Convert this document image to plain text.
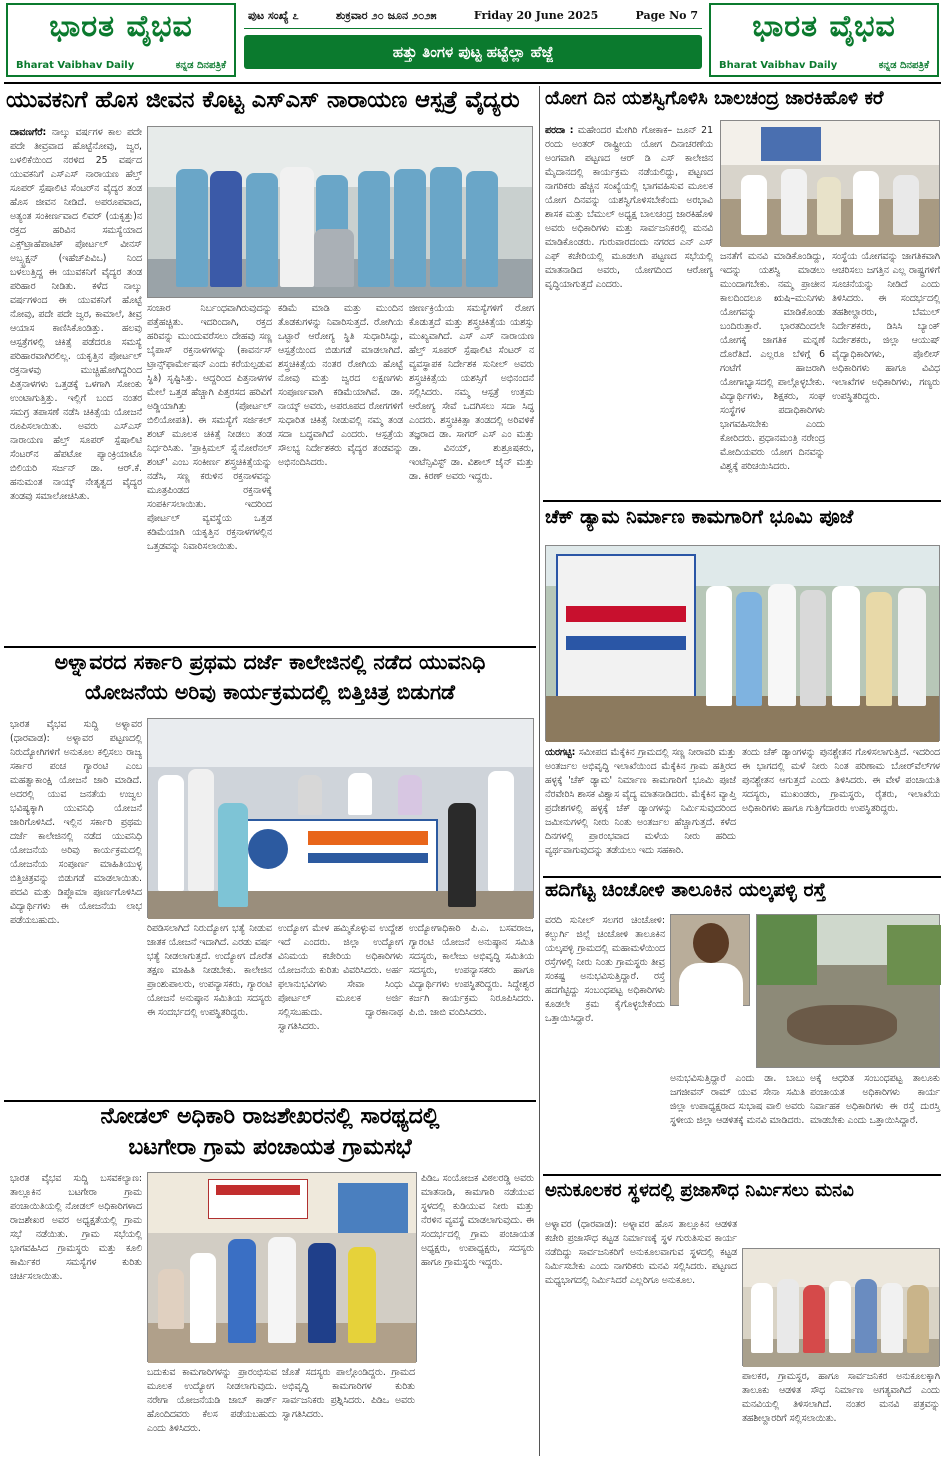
ಭಾರತ ವೈಭವ
Bharat Vaibhav Daily	ಕನ್ನಡ ದಿನಪತ್ರಿಕೆ
ಪುಟ ಸಂಖ್ಯೆ ೭	ಶುಕ್ರವಾರ ೨೦ ಜೂನ ೨೦೨೫	Friday 20 June 2025	Page No 7
ಹತ್ತು ತಿಂಗಳ ಪುಟ್ಟ ಹಟ್ಟೆಲ್ಲಾ ಹೆಜ್ಜೆ
ಭಾರತ ವೈಭವ
Bharat Vaibhav Daily	ಕನ್ನಡ ದಿನಪತ್ರಿಕೆ
ಯುವಕನಿಗೆ ಹೊಸ ಜೀವನ ಕೊಟ್ಟ ಎಸ್‌ಎಸ್ ನಾರಾಯಣ ಆಸ್ಪತ್ರೆ ವೈದ್ಯರು
ದಾವಣಗೆರೆ: ನಾಲ್ಕು ವರ್ಷಗಳ ಕಾಲ ಪದೇ ಪದೇ ತೀವ್ರವಾದ ಹೊಟ್ಟೆನೋವು, ಜ್ವರ, ಬಳಲಿಕೆಯಿಂದ ನರಳಿದ 25 ವರ್ಷದ ಯುವಕನಿಗೆ ಎಸ್‌ಎಸ್ ನಾರಾಯಣ ಹೆಲ್ತ್ ಸೂಪರ್ ಸ್ಪೆಷಾಲಿಟಿ ಸೆಂಟರ್‌ನ ವೈದ್ಯರ ತಂಡ ಹೊಸ ಜೀವನ ನೀಡಿದೆ. ಅಪರೂಪವಾದ, ಅತ್ಯಂತ ಸಂಕೀರ್ಣವಾದ ಲಿವರ್ (ಯಕೃತ್ತು)ನ ರಕ್ತದ ಹರಿವಿನ ಸಮಸ್ಯೆಯಾದ ಎಕ್ಸ್‌ಟ್ರಾಹೆಪಾಟಿಕ್ ಪೋರ್ಟಲ್ ವೀನಸ್ ಅಬ್ಸ್ಟ್ರಕ್ಷನ್ (ಇಹೆಚ್‌ಪಿವಿಒ) ನಿಂದ ಬಳಲುತ್ತಿದ್ದ ಈ ಯುವಕನಿಗೆ ವೈದ್ಯರ ತಂಡ ಪರಿಹಾರ ನೀಡಿತು. ಕಳೆದ ನಾಲ್ಕು ವರ್ಷಗಳಿಂದ ಈ ಯುವಕನಿಗೆ ಹೊಟ್ಟೆ ನೋವು, ಪದೇ ಪದೇ ಜ್ವರ, ಕಾಮಾಲೆ, ತೀವ್ರ ಆಯಾಸ ಕಾಣಿಸಿಕೊಂಡಿತ್ತು. ಹಲವು ಆಸ್ಪತ್ರೆಗಳಲ್ಲಿ ಚಿಕಿತ್ಸೆ ಪಡೆದರೂ ಸಮಸ್ಯೆ ಪರಿಹಾರವಾಗಿರಲಿಲ್ಲ. ಯಕೃತ್ತಿನ ಪೋರ್ಟಲ್ ರಕ್ತನಾಳವು ಮುಚ್ಚಿಹೋಗಿದ್ದರಿಂದ ಪಿತ್ತನಾಳಗಳು ಒತ್ತಡಕ್ಕೆ ಒಳಗಾಗಿ ಸೋಂಕು ಉಂಟಾಗುತ್ತಿತ್ತು. ಇಲ್ಲಿಗೆ ಬಂದ ನಂತರ ಸಮಗ್ರ ತಪಾಸಣೆ ನಡೆಸಿ ಚಿಕಿತ್ಸೆಯ ಯೋಜನೆ ರೂಪಿಸಲಾಯಿತು. ಅವರು ಎಸ್‌ಎಸ್ ನಾರಾಯಣ ಹೆಲ್ತ್ ಸೂಪರ್ ಸ್ಪೆಷಾಲಿಟಿ ಸೆಂಟರ್‌ನ ಹೆಪಟೋ ಪ್ಯಾಂಕ್ರಿಯಾಟೊ ಬಿಲಿಯರಿ ಸರ್ಜನ್ ಡಾ. ಆರ್.ಕೆ. ಹನುಮಂತ ನಾಯ್ಕ್ ನೇತೃತ್ವದ ವೈದ್ಯರ ತಂಡವು ಸಮಾಲೋಚಿಸಿತು.
ಸಂಚಾರ ನಿರ್ಬಂಧವಾಗಿರುವುದನ್ನು ಪತ್ತೆಹಚ್ಚಿತು. ಇದರಿಂದಾಗಿ, ರಕ್ತದ ಹರಿವನ್ನು ಮುಂದುವರೆಸಲು ದೇಹವು ಸಣ್ಣ ಬೈಪಾಸ್ ರಕ್ತನಾಳಗಳನ್ನು (ಕಾವರ್ನಸ್ ಟ್ರಾನ್ಸ್‌ಫಾರ್ಮೇಷನ್ ಎಂದು ಕರೆಯಲ್ಪಡುವ ಸ್ಥಿತಿ) ಸೃಷ್ಟಿಸಿತ್ತು. ಆದ್ದರಿಂದ ಪಿತ್ತನಾಳಗಳ ಮೇಲೆ ಒತ್ತಡ ಹೆಚ್ಚಾಗಿ ಪಿತ್ತರಸದ ಹರಿವಿಗೆ ಅಡ್ಡಿಯಾಗಿತ್ತು (ಪೋರ್ಟಲ್ ಬಿಲಿಯೋಪತಿ). ಈ ಸಮಸ್ಯೆಗೆ ಸರ್ಜಿಕಲ್ ಶಂಟ್ ಮೂಲಕ ಚಿಕಿತ್ಸೆ ನೀಡಲು ತಂಡ ನಿರ್ಧರಿಸಿತು. 'ಪ್ರಾಕ್ಸಿಮಲ್ ಸ್ಪ್ಲೆನೋರೆನಲ್ ಶಂಟ್' ಎಂಬ ಸಂಕೀರ್ಣ ಶಸ್ತ್ರಚಿಕಿತ್ಸೆಯನ್ನು ನಡೆಸಿ, ಸಣ್ಣ ಕರುಳಿನ ರಕ್ತನಾಳವನ್ನು ಮೂತ್ರಪಿಂಡದ ರಕ್ತನಾಳಕ್ಕೆ ಸಂಪರ್ಕಿಸಲಾಯಿತು. ಇದರಿಂದ ಪೋರ್ಟಲ್ ವ್ಯವಸ್ಥೆಯ ಒತ್ತಡ ಕಡಿಮೆಯಾಗಿ ಯಕೃತ್ತಿನ ರಕ್ತನಾಳಗಳಲ್ಲಿನ ಒತ್ತಡವನ್ನು ನಿವಾರಿಸಲಾಯಿತು.
ಕಡಿಮೆ ಮಾಡಿ ಮತ್ತು ಮುಂದಿನ ತೊಡಕುಗಳನ್ನು ನಿವಾರಿಸುತ್ತದೆ. ರೋಗಿಯ ಒಟ್ಟಾರೆ ಆರೋಗ್ಯ ಸ್ಥಿತಿ ಸುಧಾರಿಸಿದ್ದು, ಆಸ್ಪತ್ರೆಯಿಂದ ಬಿಡುಗಡೆ ಮಾಡಲಾಗಿದೆ. ಶಸ್ತ್ರಚಿಕಿತ್ಸೆಯ ನಂತರ ರೋಗಿಯ ಹೊಟ್ಟೆ ನೋವು ಮತ್ತು ಜ್ವರದ ಲಕ್ಷಣಗಳು ಸಂಪೂರ್ಣವಾಗಿ ಕಡಿಮೆಯಾಗಿವೆ. ಡಾ. ನಾಯ್ಕ್ ಅವರು, ಅಪರೂಪದ ರೋಗಗಳಿಗೆ ಸುಧಾರಿತ ಚಿಕಿತ್ಸೆ ನೀಡುವಲ್ಲಿ ನಮ್ಮ ತಂಡ ಸದಾ ಬದ್ಧವಾಗಿದೆ ಎಂದರು. ಆಸ್ಪತ್ರೆಯ ಸೌಲಭ್ಯ ನಿರ್ದೇಶಕರು ವೈದ್ಯರ ತಂಡವನ್ನು ಅಭಿನಂದಿಸಿದರು.
ಜೀರ್ಣಕ್ರಿಯೆಯ ಸಮಸ್ಯೆಗಳಿಗೆ ರೋಗ ಕೊಡುತ್ತದೆ ಮತ್ತು ಶಸ್ತ್ರಚಿಕಿತ್ಸೆಯ ಯಶಸ್ಸು ಮುಖ್ಯವಾಗಿದೆ. ಎಸ್ ಎಸ್ ನಾರಾಯಣ ಹೆಲ್ತ್ ಸೂಪರ್ ಸ್ಪೆಷಾಲಿಟಿ ಸೆಂಟರ್ ನ ವ್ಯವಸ್ಥಾಪಕ ನಿರ್ದೇಶಕ ಸುನೀಲ್ ಅವರು ಶಸ್ತ್ರಚಿಕಿತ್ಸೆಯ ಯಶಸ್ಸಿಗೆ ಅಭಿನಂದನೆ ಸಲ್ಲಿಸಿದರು. ನಮ್ಮ ಆಸ್ಪತ್ರೆ ಉತ್ತಮ ಆರೋಗ್ಯ ಸೇವೆ ಒದಗಿಸಲು ಸದಾ ಸಿದ್ಧ ಎಂದರು. ಶಸ್ತ್ರಚಿಕಿತ್ಸಾ ತಂಡದಲ್ಲಿ ಅರಿವಳಿಕೆ ತಜ್ಞರಾದ ಡಾ. ಸಾಗರ್ ಎಸ್ ಎಂ ಮತ್ತು ಡಾ. ವಿನಯ್, ಶುಶ್ರೂಷಕರು, ಇಂಟೆನ್ಸಿವಿಸ್ಟ್ ಡಾ. ವಿಶಾಲ್ ಜೈನ್ ಮತ್ತು ಡಾ. ಕಿರಣ್ ಅವರು ಇದ್ದರು.
ಯೋಗ ದಿನ ಯಶಸ್ವಿಗೊಳಿಸಿ ಬಾಲಚಂದ್ರ ಜಾರಕಿಹೊಳಿ ಕರೆ
ಪರದಾ : ಮಹೇಂದರ ಮೇಗಿರಿ ಗೋಕಾಕ– ಜೂನ್ 21 ರಂದು ಅಂತರ್ ರಾಷ್ಟ್ರೀಯ ಯೋಗ ದಿನಾಚರಣೆಯ ಅಂಗವಾಗಿ ಪಟ್ಟಣದ ಆರ್ ಡಿ ಎಸ್ ಕಾಲೇಜಿನ ಮೈದಾನದಲ್ಲಿ ಕಾರ್ಯಕ್ರಮ ನಡೆಯಲಿದ್ದು, ಪಟ್ಟಣದ ನಾಗರಿಕರು ಹೆಚ್ಚಿನ ಸಂಖ್ಯೆಯಲ್ಲಿ ಭಾಗವಹಿಸುವ ಮೂಲಕ ಯೋಗ ದಿನವನ್ನು ಯಶಸ್ವಿಗೊಳಿಸಬೇಕೆಂದು ಅರಭಾವಿ ಶಾಸಕ ಮತ್ತು ಬೆಮುಲ್ ಅಧ್ಯಕ್ಷ ಬಾಲಚಂದ್ರ ಜಾರಕಿಹೊಳಿ ಅವರು ಅಧಿಕಾರಿಗಳು ಮತ್ತು ಸಾರ್ವಜನಿಕರಲ್ಲಿ ಮನವಿ ಮಾಡಿಕೊಂಡರು. ಗುರುವಾರದಂದು ನಗರದ ಎನ್ ಎಸ್ ಎಫ್ ಕಚೇರಿಯಲ್ಲಿ ಮೂಡಲಗಿ ಪಟ್ಟಣದ ಸಭೆಯಲ್ಲಿ ಮಾತನಾಡಿದ ಅವರು, ಯೋಗದಿಂದ ಆರೋಗ್ಯ ವೃದ್ಧಿಯಾಗುತ್ತದೆ ಎಂದರು.
ಜನತೆಗೆ ಮನವಿ ಮಾಡಿಕೊಂಡಿದ್ದು, ಇದನ್ನು ಯಶಸ್ವಿ ಮಾಡಲು ಮುಂದಾಗಬೇಕು. ನಮ್ಮ ಪ್ರಾಚೀನ ಕಾಲದಿಂದಲೂ ಋಷಿ–ಮುನಿಗಳು ಯೋಗವನ್ನು ಮಾಡಿಕೊಂಡು ಬಂದಿರುತ್ತಾರೆ. ಭಾರತದಿಂದಲೇ ಯೋಗಕ್ಕೆ ಜಾಗತಿಕ ಮನ್ನಣೆ ದೊರೆತಿದೆ. ಎಲ್ಲರೂ ಬೆಳಿಗ್ಗೆ 6 ಗಂಟೆಗೆ ಹಾಜರಾಗಿ ಯೋಗಾಭ್ಯಾಸದಲ್ಲಿ ಪಾಲ್ಗೊಳ್ಳಬೇಕು. ವಿದ್ಯಾರ್ಥಿಗಳು, ಶಿಕ್ಷಕರು, ಸಂಘ ಸಂಸ್ಥೆಗಳ ಪದಾಧಿಕಾರಿಗಳು ಭಾಗವಹಿಸಬೇಕು ಎಂದು ಕೋರಿದರು. ಪ್ರಧಾನಮಂತ್ರಿ ನರೇಂದ್ರ ಮೋದಿಯವರು ಯೋಗ ದಿನವನ್ನು ವಿಶ್ವಕ್ಕೆ ಪರಿಚಯಿಸಿದರು.
ಸಂಸ್ಥೆಯ ಯೋಗವನ್ನು ಜಾಗತಿಕವಾಗಿ ಆಚರಿಸಲು ಜಗತ್ತಿನ ಎಲ್ಲ ರಾಷ್ಟ್ರಗಳಿಗೆ ಸೂಚನೆಯನ್ನು ನೀಡಿದೆ ಎಂದು ತಿಳಿಸಿದರು. ಈ ಸಂದರ್ಭದಲ್ಲಿ ತಹಶೀಲ್ದಾರರು, ಬೆಮುಲ್ ನಿರ್ದೇಶಕರು, ಡಿಸಿಸಿ ಬ್ಯಾಂಕ್ ನಿರ್ದೇಶಕರು, ಜಿಲ್ಲಾ ಆಯುಷ್ ವೈದ್ಯಾಧಿಕಾರಿಗಳು, ಪೊಲೀಸ್ ಅಧಿಕಾರಿಗಳು ಹಾಗೂ ವಿವಿಧ ಇಲಾಖೆಗಳ ಅಧಿಕಾರಿಗಳು, ಗಣ್ಯರು ಉಪಸ್ಥಿತರಿದ್ದರು.
ಚೆಕ್ ಡ್ಯಾಮ ನಿರ್ಮಾಣ ಕಾಮಗಾರಿಗೆ ಭೂಮಿ ಪೂಜೆ
ಯರಗಟ್ಟಿ: ಸಮೀಪದ ಮೆಕ್ಕೆಕಿನ ಗ್ರಾಮದಲ್ಲಿ ಸಣ್ಣ ನೀರಾವರಿ ಮತ್ತು ಅಂತರ್ಜಲ ಅಭಿವೃದ್ಧಿ ಇಲಾಖೆಯಿಂದ ಮೆಕ್ಕೆಕಿನ ಗ್ರಾಮ ಹತ್ತಿರದ ಹಳ್ಳಕ್ಕೆ 'ಚೆಕ್ ಡ್ಯಾಮ' ನಿರ್ಮಾಣ ಕಾಮಗಾರಿಗೆ ಭೂಮಿ ಪೂಜೆ ನೆರವೇರಿಸಿ ಶಾಸಕ ವಿಶ್ವಾಸ ವೈದ್ಯ ಮಾತನಾಡಿದರು. ಮೆಕ್ಕೆಕಿನ ವ್ಯಾಪ್ತಿ ಪ್ರದೇಶಗಳಲ್ಲಿ ಹಳ್ಳಕ್ಕೆ ಚೆಕ್ ಡ್ಯಾಂಗಳನ್ನು ನಿರ್ಮಿಸುವುದರಿಂದ ಜಮೀನುಗಳಲ್ಲಿ ನೀರು ನಿಂತು ಅಂತರ್ಜಲ ಹೆಚ್ಚಾಗುತ್ತದೆ. ಕಳೆದ ದಿನಗಳಲ್ಲಿ ಪ್ರಾರಂಭವಾದ ಮಳೆಯ ನೀರು ಹರಿದು ವ್ಯರ್ಥವಾಗುವುದನ್ನು ತಡೆಯಲು ಇದು ಸಹಕಾರಿ.
ತಂದು ಚೆಕ್ ಡ್ಯಾಂಗಳನ್ನು ಪುನಶ್ಚೇತನ ಗೊಳಿಸಲಾಗುತ್ತಿದೆ. ಇದರಿಂದ ಈ ಭಾಗದಲ್ಲಿ ಮಳೆ ನೀರು ನಿಂತ ಪರಿಣಾಮ ಬೋರ್‌ವೆಲ್‌ಗಳ ಪುನಶ್ಚೇತನ ಆಗುತ್ತದೆ ಎಂದು ತಿಳಿಸಿದರು. ಈ ವೇಳೆ ಪಂಚಾಯತಿ ಸದಸ್ಯರು, ಮುಖಂಡರು, ಗ್ರಾಮಸ್ಥರು, ರೈತರು, ಇಲಾಖೆಯ ಅಧಿಕಾರಿಗಳು ಹಾಗೂ ಗುತ್ತಿಗೆದಾರರು ಉಪಸ್ಥಿತರಿದ್ದರು.
ಅಳ್ನಾವರದ ಸರ್ಕಾರಿ ಪ್ರಥಮ ದರ್ಜೆ ಕಾಲೇಜಿನಲ್ಲಿ ನಡೆದ ಯುವನಿಧಿ
ಯೋಜನೆಯ ಅರಿವು ಕಾರ್ಯಕ್ರಮದಲ್ಲಿ ಬಿತ್ತಿಚಿತ್ರ ಬಿಡುಗಡೆ
ಭಾರತ ವೈಭವ ಸುದ್ದಿ ಅಳ್ನಾವರ (ಧಾರವಾಡ): ಅಳ್ನಾವರ ಪಟ್ಟಣದಲ್ಲಿ ನಿರುದ್ಯೋಗಿಗಳಿಗೆ ಅನುಕೂಲ ಕಲ್ಪಿಸಲು ರಾಜ್ಯ ಸರ್ಕಾರ ಪಂಚ ಗ್ಯಾರಂಟಿ ಎಂಬ ಮಹತ್ವಾಕಾಂಕ್ಷಿ ಯೋಜನೆ ಜಾರಿ ಮಾಡಿದೆ. ಅದರಲ್ಲಿ ಯುವ ಜನತೆಯ ಉಜ್ವಲ ಭವಿಷ್ಯಕ್ಕಾಗಿ ಯುವನಿಧಿ ಯೋಜನೆ ಜಾರಿಗೊಳಿಸಿದೆ. ಇಲ್ಲಿನ ಸರ್ಕಾರಿ ಪ್ರಥಮ ದರ್ಜೆ ಕಾಲೇಜಿನಲ್ಲಿ ನಡೆದ ಯುವನಿಧಿ ಯೋಜನೆಯ ಅರಿವು ಕಾರ್ಯಕ್ರಮದಲ್ಲಿ ಯೋಜನೆಯ ಸಂಪೂರ್ಣ ಮಾಹಿತಿಯುಳ್ಳ ಬಿತ್ತಿಚಿತ್ರವನ್ನು ಬಿಡುಗಡೆ ಮಾಡಲಾಯಿತು. ಪದವಿ ಮತ್ತು ಡಿಪ್ಲೊಮಾ ಪೂರ್ಣಗೊಳಿಸಿದ ವಿದ್ಯಾರ್ಥಿಗಳು ಈ ಯೋಜನೆಯ ಲಾಭ ಪಡೆಯಬಹುದು.
ರಿಪಡಿಸಲಾಗಿದೆ ನಿರುದ್ಯೋಗ ಭತ್ಯೆ ನೀಡುವ ಜಾತಕ ಯೋಜನೆ ಇದಾಗಿದೆ. ಎರಡು ವರ್ಷ ಭತ್ಯೆ ನೀಡಲಾಗುತ್ತದೆ. ಉದ್ಯೋಗ ದೊರೆತ ತಕ್ಷಣ ಮಾಹಿತಿ ನೀಡಬೇಕು. ಕಾಲೇಜಿನ ಪ್ರಾಂಶುಪಾಲರು, ಉಪನ್ಯಾಸಕರು, ಗ್ಯಾರಂಟಿ ಯೋಜನೆ ಅನುಷ್ಠಾನ ಸಮಿತಿಯ ಸದಸ್ಯರು ಈ ಸಂದರ್ಭದಲ್ಲಿ ಉಪಸ್ಥಿತರಿದ್ದರು.
ಉದ್ಯೋಗ ಮೇಳ ಹಮ್ಮಿಕೊಳ್ಳುವ ಉದ್ದೇಶ ಇದೆ ಎಂದರು. ಜಿಲ್ಲಾ ಉದ್ಯೋಗ ವಿನಿಮಯ ಕಚೇರಿಯ ಅಧಿಕಾರಿಗಳು ಯೋಜನೆಯ ಕುರಿತು ವಿವರಿಸಿದರು. ಅರ್ಹ ಫಲಾನುಭವಿಗಳು ಸೇವಾ ಸಿಂಧು ಪೋರ್ಟಲ್ ಮೂಲಕ ಅರ್ಜಿ ಸಲ್ಲಿಸಬಹುದು. ದ್ವಾರಕಾನಾಥ ಸ್ವಾಗತಿಸಿದರು.
ಉದ್ಯೋಗಾಧಿಕಾರಿ ಪಿ.ಎ. ಬಸವರಾಜ, ಗ್ಯಾರಂಟಿ ಯೋಜನೆ ಅನುಷ್ಠಾನ ಸಮಿತಿ ಸದಸ್ಯರು, ಕಾಲೇಜು ಅಭಿವೃದ್ಧಿ ಸಮಿತಿಯ ಸದಸ್ಯರು, ಉಪನ್ಯಾಸಕರು ಹಾಗೂ ವಿದ್ಯಾರ್ಥಿಗಳು ಉಪಸ್ಥಿತರಿದ್ದರು. ಸಿದ್ದೇಶ್ವರ ಕರ್ಜಗಿ ಕಾರ್ಯಕ್ರಮ ನಿರೂಪಿಸಿದರು. ಪಿ.ಬಿ. ಜಾಬಿ ವಂದಿಸಿದರು.
ನೋಡಲ್ ಅಧಿಕಾರಿ ರಾಜಶೇಖರನಲ್ಲಿ ಸಾರಥ್ಯದಲ್ಲಿ
ಬಟಗೇರಾ ಗ್ರಾಮ ಪಂಚಾಯತ ಗ್ರಾಮಸಭೆ
ಭಾರತ ವೈಭವ ಸುದ್ದಿ ಬಸವಕಲ್ಯಾಣ: ತಾಲ್ಲೂಕಿನ ಬಟಗೇರಾ ಗ್ರಾಮ ಪಂಚಾಯಿತಿಯಲ್ಲಿ ನೋಡಲ್ ಅಧಿಕಾರಿಗಳಾದ ರಾಜಶೇಖರ ಅವರ ಅಧ್ಯಕ್ಷತೆಯಲ್ಲಿ ಗ್ರಾಮ ಸಭೆ ನಡೆಯಿತು. ಗ್ರಾಮ ಸಭೆಯಲ್ಲಿ ಭಾಗವಹಿಸಿದ ಗ್ರಾಮಸ್ಥರು ಮತ್ತು ಕೂಲಿ ಕಾರ್ಮಿಕರ ಸಮಸ್ಯೆಗಳ ಕುರಿತು ಚರ್ಚಿಸಲಾಯಿತು.
ಬದುಕುವ ಕಾಮಗಾರಿಗಳನ್ನು ಪ್ರಾರಂಭಿಸುವ ಮೂಲಕ ಉದ್ಯೋಗ ನೀಡಲಾಗುವುದು. ನರೇಗಾ ಯೋಜನೆಯಡಿ ಜಾಬ್ ಕಾರ್ಡ್ ಹೊಂದಿದವರು ಕೆಲಸ ಪಡೆಯಬಹುದು ಎಂದು ತಿಳಿಸಿದರು.
ಜೊತೆ ಸದಸ್ಯರು ಪಾಲ್ಗೊಂಡಿದ್ದರು. ಗ್ರಾಮದ ಅಭಿವೃದ್ಧಿ ಕಾಮಗಾರಿಗಳ ಕುರಿತು ಸಾರ್ವಜನಿಕರು ಪ್ರಶ್ನಿಸಿದರು. ಪಿಡಿಒ ಅವರು ಸ್ವಾಗತಿಸಿದರು.
ಪಿಡಿಒ ಸಂಯೋಜಕ ವಿಠಲರಡ್ಡಿ ಅವರು ಮಾತನಾಡಿ, ಕಾಮಗಾರಿ ನಡೆಯುವ ಸ್ಥಳದಲ್ಲಿ ಕುಡಿಯುವ ನೀರು ಮತ್ತು ನೆರಳಿನ ವ್ಯವಸ್ಥೆ ಮಾಡಲಾಗುವುದು. ಈ ಸಂದರ್ಭದಲ್ಲಿ ಗ್ರಾಮ ಪಂಚಾಯತ ಅಧ್ಯಕ್ಷರು, ಉಪಾಧ್ಯಕ್ಷರು, ಸದಸ್ಯರು ಹಾಗೂ ಗ್ರಾಮಸ್ಥರು ಇದ್ದರು.
ಹದಿಗೆಟ್ಟ ಚಿಂಚೋಳಿ ತಾಲೂಕಿನ ಯಲ್ಕಪಳ್ಳಿ ರಸ್ತೆ
ವರದಿ ಸುನೀಲ್ ಸಲಗರ ಚಿಂಚೋಳಿ: ಕಲ್ಬುರ್ಗಿ ಜಿಲ್ಲೆ ಚಿಂಚೋಳಿ ತಾಲೂಕಿನ ಯಲ್ಕಪಳ್ಳಿ ಗ್ರಾಮದಲ್ಲಿ ಮಹಾಮಳೆಯಿಂದ ರಸ್ತೆಗಳಲ್ಲಿ ನೀರು ನಿಂತು ಗ್ರಾಮಸ್ಥರು ತೀವ್ರ ಸಂಕಷ್ಟ ಅನುಭವಿಸುತ್ತಿದ್ದಾರೆ. ರಸ್ತೆ ಹದಗೆಟ್ಟಿದ್ದು ಸಂಬಂಧಪಟ್ಟ ಅಧಿಕಾರಿಗಳು ಕೂಡಲೇ ಕ್ರಮ ಕೈಗೊಳ್ಳಬೇಕೆಂದು ಒತ್ತಾಯಿಸಿದ್ದಾರೆ.
ಅನುಭವಿಸುತ್ತಿದ್ದಾರೆ ಎಂದು ಡಾ. ಬಾಬು ಜಗಜೀವನ್ ರಾಮ್ ಯುವ ಸೇನಾ ಸಮಿತಿ ಜಿಲ್ಲಾ ಉಪಾಧ್ಯಕ್ಷರಾದ ಸುಭಾಷ ವಾಲಿ ಅವರು ಸ್ಥಳೀಯ ಜಿಲ್ಲಾ ಆಡಳಿತಕ್ಕೆ ಮನವಿ ಮಾಡಿದರು.
ಅಕ್ಕೆ ಆಧರಿತ ಸಂಬಂಧಪಟ್ಟ ತಾಲೂಕು ಪಂಚಾಯತ ಅಧಿಕಾರಿಗಳು ಕಾರ್ಯ ನಿರ್ವಾಹಕ ಅಧಿಕಾರಿಗಳು ಈ ರಸ್ತೆ ದುರಸ್ತಿ ಮಾಡಬೇಕು ಎಂದು ಒತ್ತಾಯಿಸಿದ್ದಾರೆ.
ಅನುಕೂಲಕರ ಸ್ಥಳದಲ್ಲಿ ಪ್ರಜಾಸೌಧ ನಿರ್ಮಿಸಲು ಮನವಿ
ಅಳ್ನಾವರ (ಧಾರವಾಡ): ಅಳ್ನಾವರ ಹೊಸ ತಾಲ್ಲೂಕಿನ ಆಡಳಿತ ಕಚೇರಿ ಪ್ರಜಾಸೌಧ ಕಟ್ಟಡ ನಿರ್ಮಾಣಕ್ಕೆ ಸ್ಥಳ ಗುರುತಿಸುವ ಕಾರ್ಯ ನಡೆದಿದ್ದು ಸಾರ್ವಜನಿಕರಿಗೆ ಅನುಕೂಲವಾಗುವ ಸ್ಥಳದಲ್ಲಿ ಕಟ್ಟಡ ನಿರ್ಮಿಸಬೇಕು ಎಂದು ನಾಗರಿಕರು ಮನವಿ ಸಲ್ಲಿಸಿದರು. ಪಟ್ಟಣದ ಮಧ್ಯಭಾಗದಲ್ಲಿ ನಿರ್ಮಿಸಿದರೆ ಎಲ್ಲರಿಗೂ ಅನುಕೂಲ.
ಪಾಲಕರ, ಗ್ರಾಮಸ್ಥರ, ಹಾಗೂ ಸಾರ್ವಜನಿಕರ ಅನುಕೂಲಕ್ಕಾಗಿ ತಾಲೂಕು ಆಡಳಿತ ಸೌಧ ನಿರ್ಮಾಣ ಅಗತ್ಯವಾಗಿದೆ ಎಂದು ಮನವಿಯಲ್ಲಿ ತಿಳಿಸಲಾಗಿದೆ. ನಂತರ ಮನವಿ ಪತ್ರವನ್ನು ತಹಶೀಲ್ದಾರರಿಗೆ ಸಲ್ಲಿಸಲಾಯಿತು.
